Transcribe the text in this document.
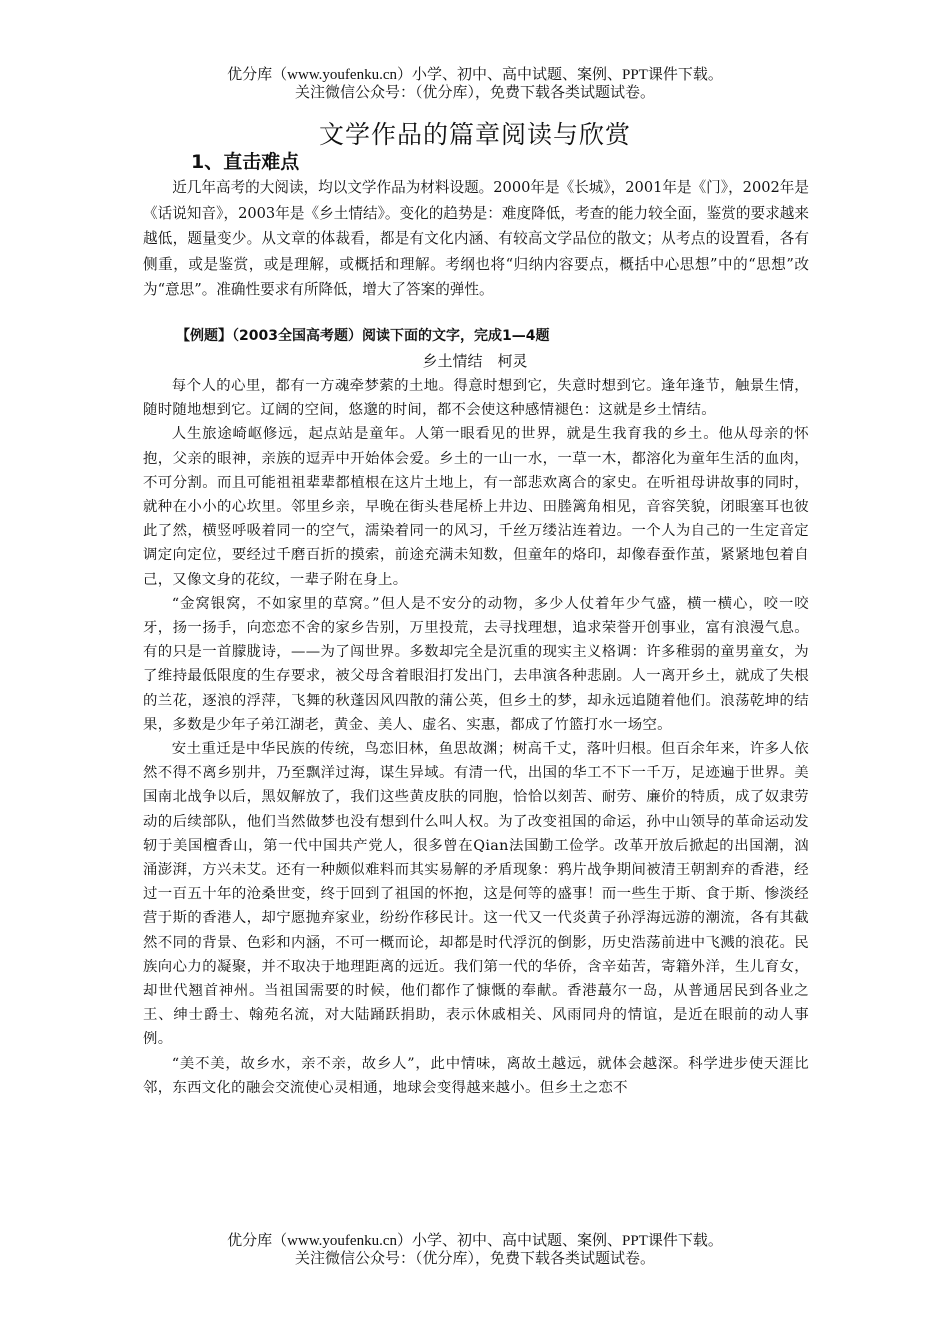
优分库（www.youfenku.cn）小学、初中、高中试题、案例、PPT课件下载。
关注微信公众号：（优分库），免费下载各类试题试卷。
文学作品的篇章阅读与欣赏
1、直击难点

近几年高考的大阅读，均以文学作品为材料设题。2000年是《长城》，2001年是《门》，2002年是《话说知音》，2003年是《乡土情结》。变化的趋势是：难度降低，考查的能力较全面，鉴赏的要求越来越低，题量变少。从文章的体裁看，都是有文化内涵、有较高文学品位的散文；从考点的设置看，各有侧重，或是鉴赏，或是理解，或概括和理解。考纲也将“归纳内容要点，概括中心思想”中的“思想”改为“意思”。准确性要求有所降低，增大了答案的弹性。

【例题】（2003全国高考题）阅读下面的文字，完成1—4题
乡土情结　柯灵

每个人的心里，都有一方魂牵梦萦的土地。得意时想到它，失意时想到它。逢年逢节，触景生情，随时随地想到它。辽阔的空间，悠邈的时间，都不会使这种感情褪色：这就是乡土情结。

人生旅途崎岖修远，起点站是童年。人第一眼看见的世界，就是生我育我的乡土。他从母亲的怀抱，父亲的眼神，亲族的逗弄中开始体会爱。乡土的一山一水，一草一木，都溶化为童年生活的血肉，不可分割。而且可能祖祖辈辈都植根在这片土地上，有一部悲欢离合的家史。在听祖母讲故事的同时，就种在小小的心坎里。邻里乡亲，早晚在街头巷尾桥上井边、田塍篱角相见，音容笑貌，闭眼塞耳也彼此了然，横竖呼吸着同一的空气，濡染着同一的风习，千丝万缕沾连着边。一个人为自己的一生定音定调定向定位，要经过千磨百折的摸索，前途充满未知数，但童年的烙印，却像春蚕作茧，紧紧地包着自己，又像文身的花纹，一辈子附在身上。

“金窝银窝，不如家里的草窝。”但人是不安分的动物，多少人仗着年少气盛，横一横心，咬一咬牙，扬一扬手，向恋恋不舍的家乡告别，万里投荒，去寻找理想，追求荣誉开创事业，富有浪漫气息。有的只是一首朦胧诗，——为了闯世界。多数却完全是沉重的现实主义格调：许多稚弱的童男童女，为了维持最低限度的生存要求，被父母含着眼泪打发出门，去串演各种悲剧。人一离开乡土，就成了失根的兰花，逐浪的浮萍，飞舞的秋蓬因风四散的蒲公英，但乡土的梦，却永远追随着他们。浪荡乾坤的结果，多数是少年子弟江湖老，黄金、美人、虚名、实惠，都成了竹篮打水一场空。

安土重迁是中华民族的传统，鸟恋旧林，鱼思故渊；树高千丈，落叶归根。但百余年来，许多人依然不得不离乡别井，乃至飘洋过海，谋生异域。有清一代，出国的华工不下一千万，足迹遍于世界。美国南北战争以后，黑奴解放了，我们这些黄皮肤的同胞，恰恰以刻苦、耐劳、廉价的特质，成了奴隶劳动的后续部队，他们当然做梦也没有想到什么叫人权。为了改变祖国的命运，孙中山领导的革命运动发轫于美国檀香山，第一代中国共产党人，很多曾在Qian法国勤工俭学。改革开放后掀起的出国潮，汹涌澎湃，方兴未艾。还有一种颇似难料而其实易解的矛盾现象：鸦片战争期间被清王朝割弃的香港，经过一百五十年的沧桑世变，终于回到了祖国的怀抱，这是何等的盛事！而一些生于斯、食于斯、惨淡经营于斯的香港人，却宁愿抛弃家业，纷纷作移民计。这一代又一代炎黄子孙浮海远游的潮流，各有其截然不同的背景、色彩和内涵，不可一概而论，却都是时代浮沉的倒影，历史浩荡前进中飞溅的浪花。民族向心力的凝聚，并不取决于地理距离的远近。我们第一代的华侨，含辛茹苦，寄籍外洋，生儿育女，却世代翘首神州。当祖国需要的时候，他们都作了慷慨的奉献。香港蕞尔一岛，从普通居民到各业之王、绅士爵士、翰苑名流，对大陆踊跃捐助，表示休戚相关、风雨同舟的情谊，是近在眼前的动人事例。

“美不美，故乡水，亲不亲，故乡人”，此中情味，离故土越远，就体会越深。科学进步使天涯比邻，东西文化的融会交流使心灵相通，地球会变得越来越小。但乡土之恋不

优分库（www.youfenku.cn）小学、初中、高中试题、案例、PPT课件下载。
关注微信公众号：（优分库），免费下载各类试题试卷。
